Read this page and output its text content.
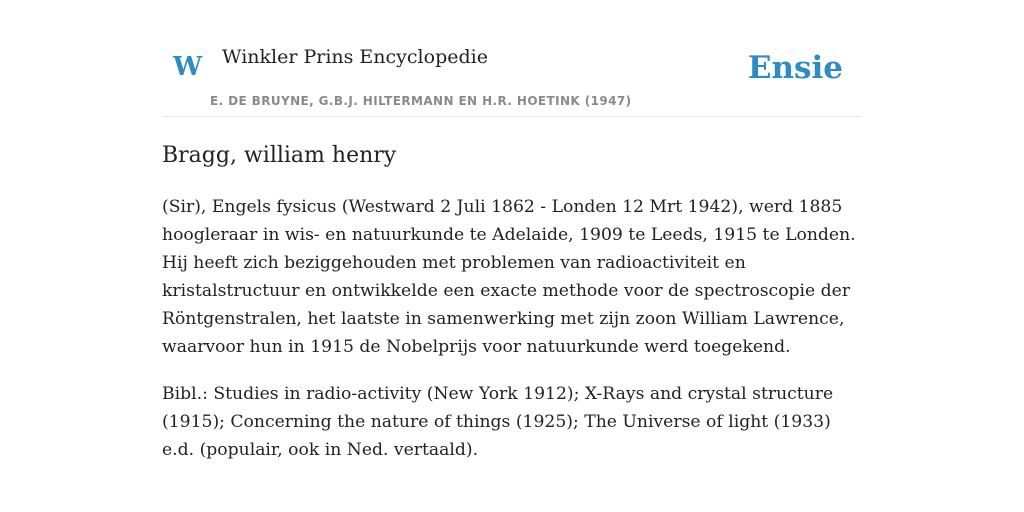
W Winkler Prins Encyclopedie
E. DE BRUYNE, G.B.J. HILTERMANN EN H.R. HOETINK (1947)
Ensie
Bragg, william henry

(Sir), Engels fysicus (Westward 2 Juli 1862 - Londen 12 Mrt 1942), werd 1885 hoogleraar in wis- en natuurkunde te Adelaide, 1909 te Leeds, 1915 te Londen. Hij heeft zich beziggehouden met problemen van radioactiviteit en kristalstructuur en ontwikkelde een exacte methode voor de spectroscopie der Röntgenstralen, het laatste in samenwerking met zijn zoon William Lawrence, waarvoor hun in 1915 de Nobelprijs voor natuurkunde werd toegekend.

Bibl.: Studies in radio-activity (New York 1912); X-Rays and crystal structure (1915); Concerning the nature of things (1925); The Universe of light (1933) e.d. (populair, ook in Ned. vertaald).
